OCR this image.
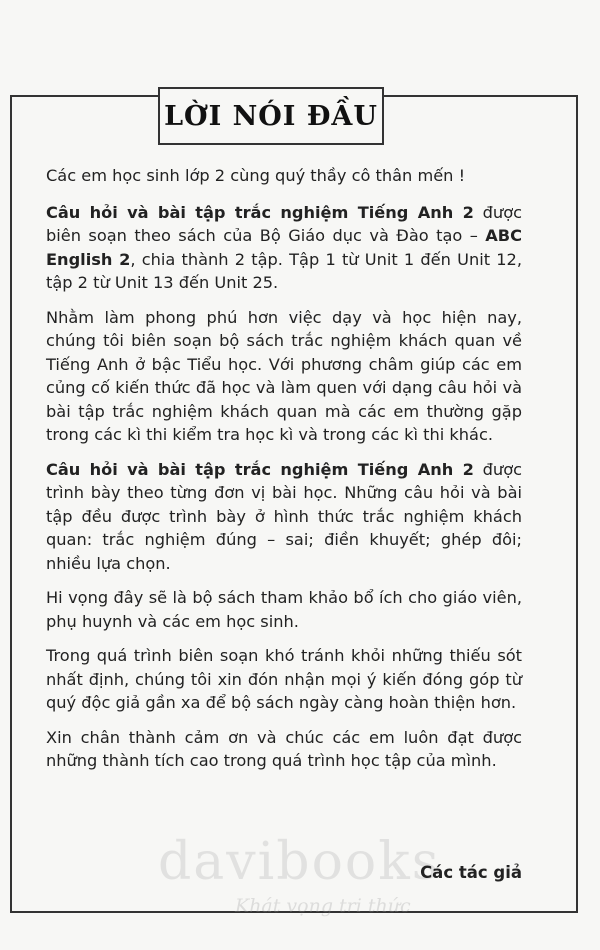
LỜI NÓI ĐẦU

Các em học sinh lớp 2 cùng quý thầy cô thân mến !

Câu hỏi và bài tập trắc nghiệm Tiếng Anh 2 được biên soạn theo sách của Bộ Giáo dục và Đào tạo – ABC English 2, chia thành 2 tập. Tập 1 từ Unit 1 đến Unit 12, tập 2 từ Unit 13 đến Unit 25.

Nhằm làm phong phú hơn việc dạy và học hiện nay, chúng tôi biên soạn bộ sách trắc nghiệm khách quan về Tiếng Anh ở bậc Tiểu học. Với phương châm giúp các em củng cố kiến thức đã học và làm quen với dạng câu hỏi và bài tập trắc nghiệm khách quan mà các em thường gặp trong các kì thi kiểm tra học kì và trong các kì thi khác.

Câu hỏi và bài tập trắc nghiệm Tiếng Anh 2 được trình bày theo từng đơn vị bài học. Những câu hỏi và bài tập đều được trình bày ở hình thức trắc nghiệm khách quan: trắc nghiệm đúng – sai; điền khuyết; ghép đôi; nhiều lựa chọn.

Hi vọng đây sẽ là bộ sách tham khảo bổ ích cho giáo viên, phụ huynh và các em học sinh.

Trong quá trình biên soạn khó tránh khỏi những thiếu sót nhất định, chúng tôi xin đón nhận mọi ý kiến đóng góp từ quý độc giả gần xa để bộ sách ngày càng hoàn thiện hơn.

Xin chân thành cảm ơn và chúc các em luôn đạt được những thành tích cao trong quá trình học tập của mình.

davibooks
Khát vọng tri thức
Các tác giả
